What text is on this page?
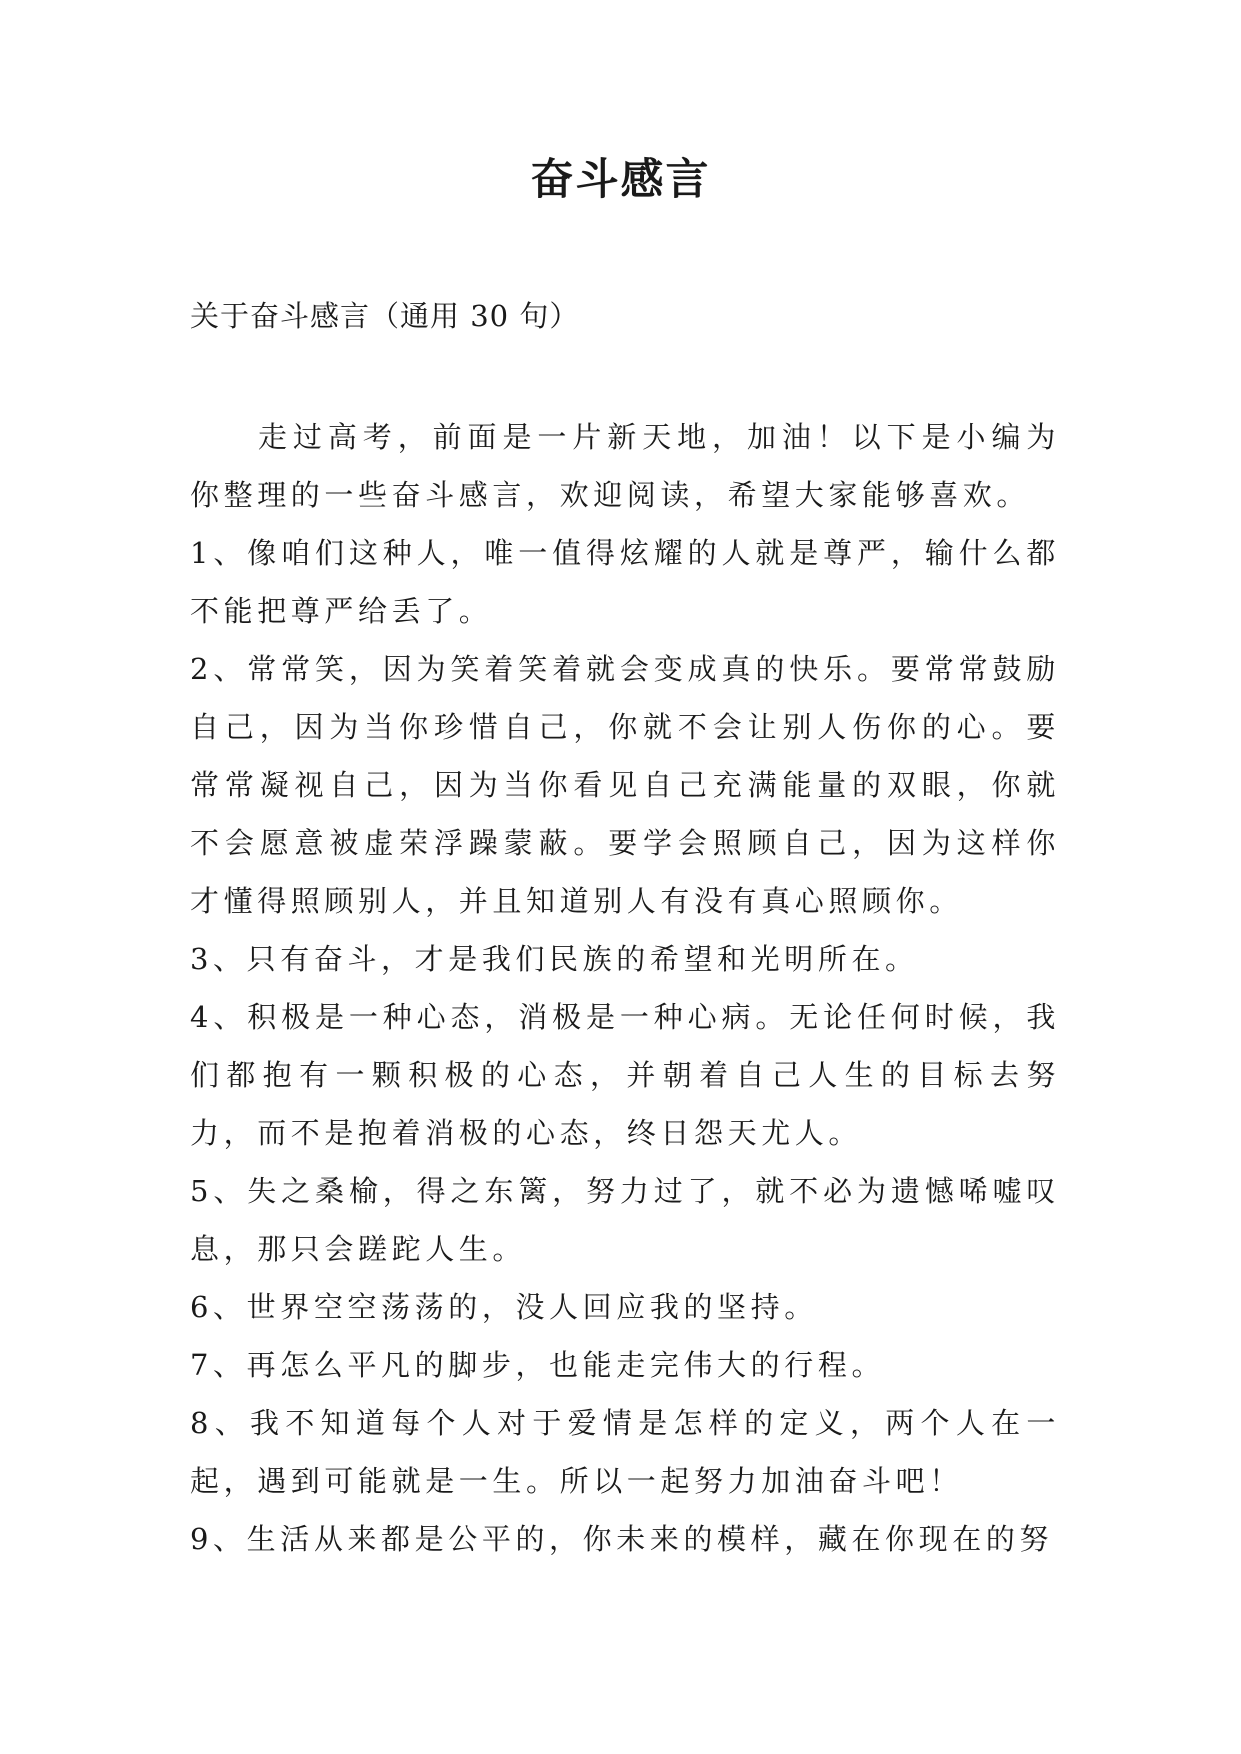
奋斗感言

关于奋斗感言（通用 30 句）

走过高考，前面是一片新天地，加油！以下是小编为你整理的一些奋斗感言，欢迎阅读，希望大家能够喜欢。

1、像咱们这种人，唯一值得炫耀的人就是尊严，输什么都不能把尊严给丢了。

2、常常笑，因为笑着笑着就会变成真的快乐。要常常鼓励自己，因为当你珍惜自己，你就不会让别人伤你的心。要常常凝视自己，因为当你看见自己充满能量的双眼，你就不会愿意被虚荣浮躁蒙蔽。要学会照顾自己，因为这样你才懂得照顾别人，并且知道别人有没有真心照顾你。

3、只有奋斗，才是我们民族的希望和光明所在。

4、积极是一种心态，消极是一种心病。无论任何时候，我们都抱有一颗积极的心态，并朝着自己人生的目标去努力，而不是抱着消极的心态，终日怨天尤人。

5、失之桑榆，得之东篱，努力过了，就不必为遗憾唏嘘叹息，那只会蹉跎人生。

6、世界空空荡荡的，没人回应我的坚持。

7、再怎么平凡的脚步，也能走完伟大的行程。

8、我不知道每个人对于爱情是怎样的定义，两个人在一起，遇到可能就是一生。所以一起努力加油奋斗吧！

9、生活从来都是公平的，你未来的模样，藏在你现在的努
